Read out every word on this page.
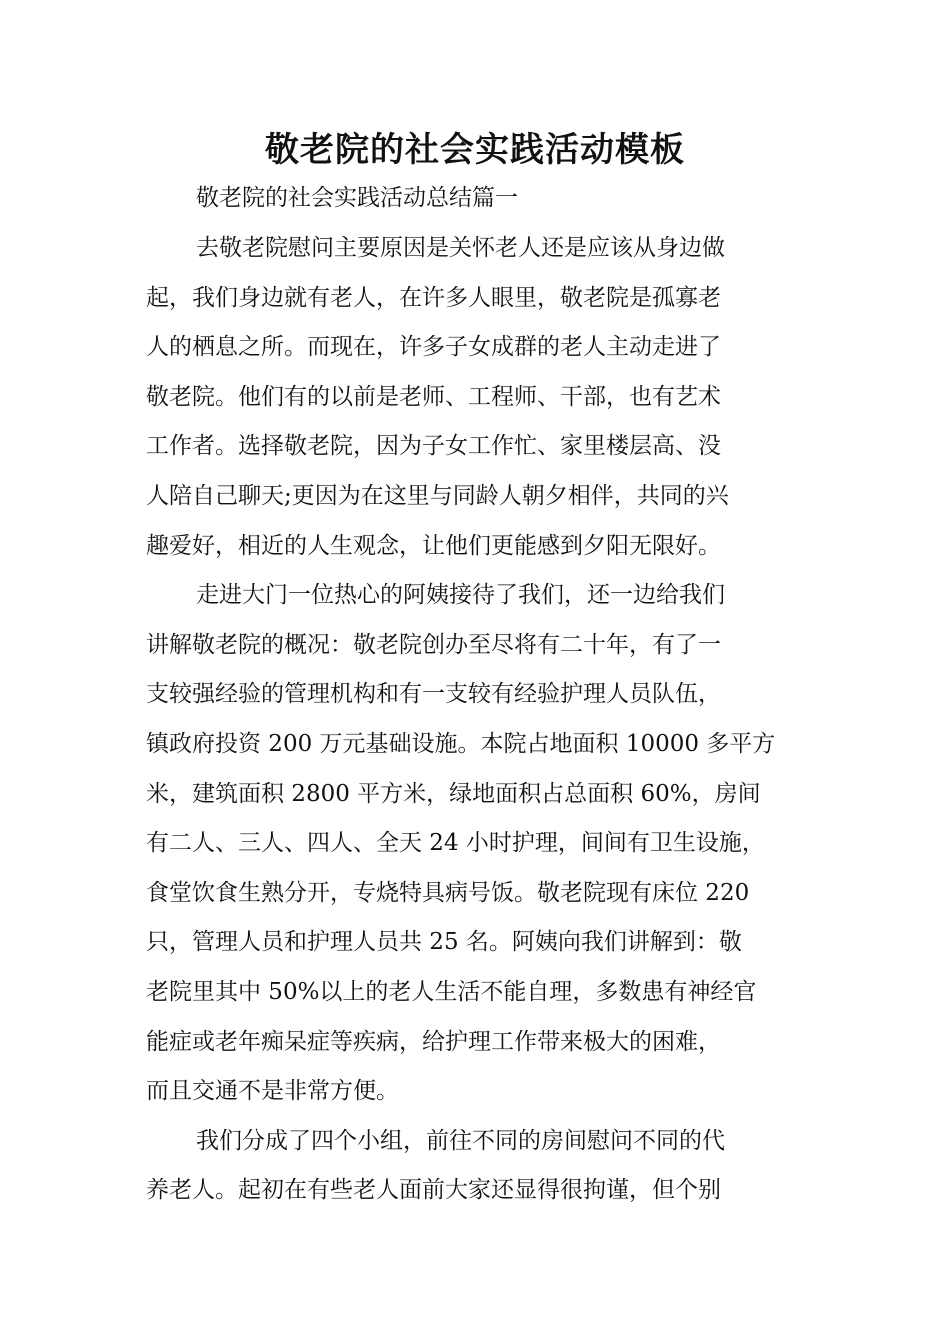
敬老院的社会实践活动模板
敬老院的社会实践活动总结篇一

去敬老院慰问主要原因是关怀老人还是应该从身边做
起，我们身边就有老人，在许多人眼里，敬老院是孤寡老
人的栖息之所。而现在，许多子女成群的老人主动走进了
敬老院。他们有的以前是老师、工程师、干部，也有艺术
工作者。选择敬老院，因为子女工作忙、家里楼层高、没
人陪自己聊天;更因为在这里与同龄人朝夕相伴，共同的兴
趣爱好，相近的人生观念，让他们更能感到夕阳无限好。

走进大门一位热心的阿姨接待了我们，还一边给我们
讲解敬老院的概况：敬老院创办至尽将有二十年，有了一
支较强经验的管理机构和有一支较有经验护理人员队伍，
镇政府投资 200 万元基础设施。本院占地面积 10000 多平方
米，建筑面积 2800 平方米，绿地面积占总面积 60%，房间
有二人、三人、四人、全天 24 小时护理，间间有卫生设施，
食堂饮食生熟分开，专烧特具病号饭。敬老院现有床位 220
只，管理人员和护理人员共 25 名。阿姨向我们讲解到：敬
老院里其中 50%以上的老人生活不能自理，多数患有神经官
能症或老年痴呆症等疾病，给护理工作带来极大的困难，
而且交通不是非常方便。

我们分成了四个小组，前往不同的房间慰问不同的代
养老人。起初在有些老人面前大家还显得很拘谨，但个别
